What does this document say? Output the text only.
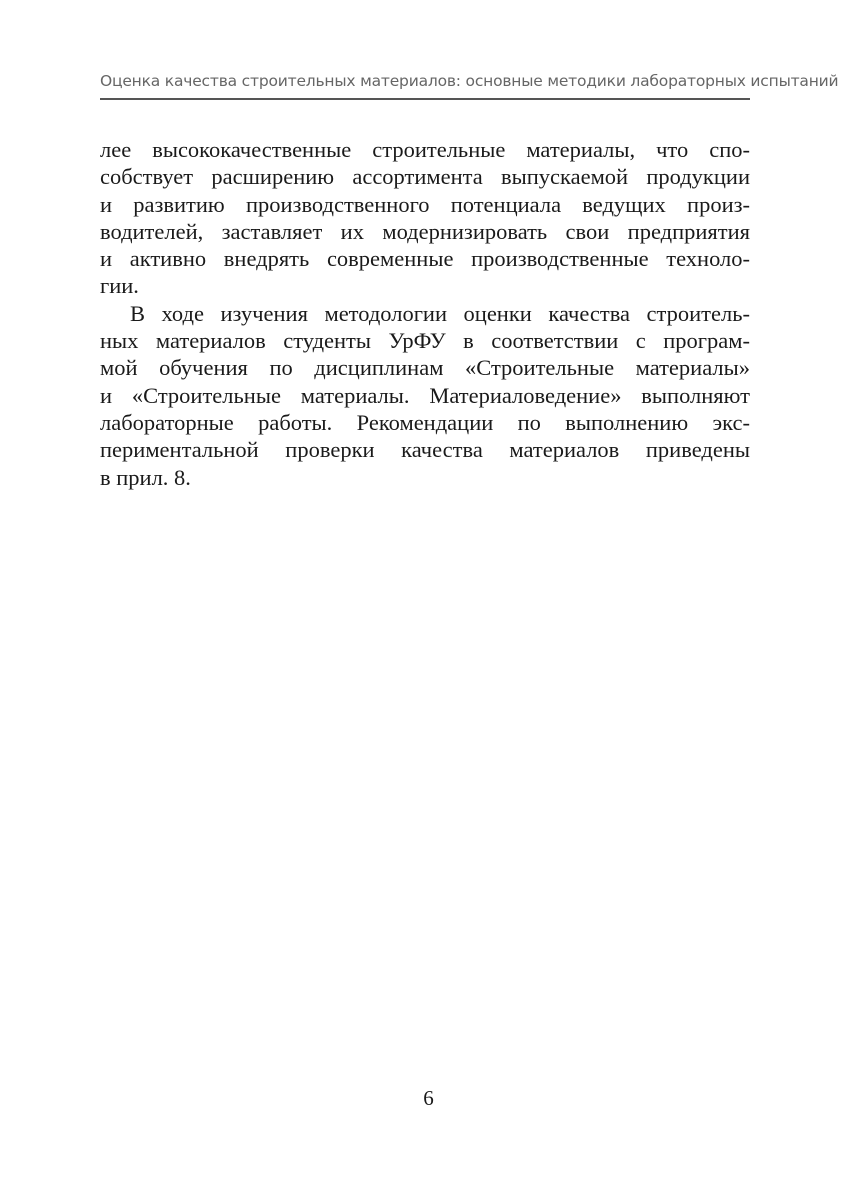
Оценка качества строительных материалов: основные методики лабораторных испытаний
лее высококачественные строительные материалы, что спо-
собствует расширению ассортимента выпускаемой продукции
и развитию производственного потенциала ведущих произ-
водителей, заставляет их модернизировать свои предприятия
и активно внедрять современные производственные техноло-
гии.
В ходе изучения методологии оценки качества строитель-
ных материалов студенты УрФУ в соответствии с програм-
мой обучения по дисциплинам «Строительные материалы»
и «Строительные материалы. Материаловедение» выполняют
лабораторные работы. Рекомендации по выполнению экс-
периментальной проверки качества материалов приведены
в прил. 8.
6
